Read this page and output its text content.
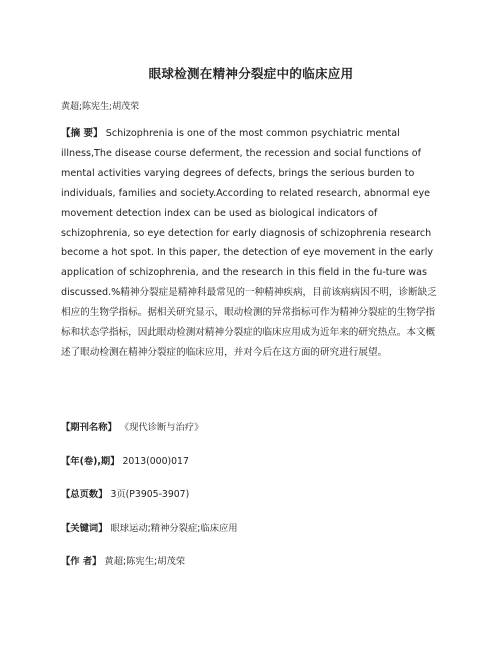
眼球检测在精神分裂症中的临床应用
黄超;陈宪生;胡茂荣
【摘 要】 Schizophrenia is one of the most common psychiatric mental illness,The disease course deferment, the recession and social functions of mental activities varying degrees of defects, brings the serious burden to individuals, families and society.According to related research, abnormal eye movement detection index can be used as biological indicators of schizophrenia, so eye detection for early diagnosis of schizophrenia research become a hot spot. In this paper, the detection of eye movement in the early application of schizophrenia, and the research in this field in the fu-ture was discussed.%精神分裂症是精神科最常见的一种精神疾病，目前该病病因不明，诊断缺乏相应的生物学指标。据相关研究显示，眼动检测的异常指标可作为精神分裂症的生物学指标和状态学指标，因此眼动检测对精神分裂症的临床应用成为近年来的研究热点。本文概述了眼动检测在精神分裂症的临床应用，并对今后在这方面的研究进行展望。
【期刊名称】 《现代诊断与治疗》
【年(卷),期】 2013(000)017
【总页数】 3页(P3905-3907)
【关键词】 眼球运动;精神分裂症;临床应用
【作 者】 黄超;陈宪生;胡茂荣
